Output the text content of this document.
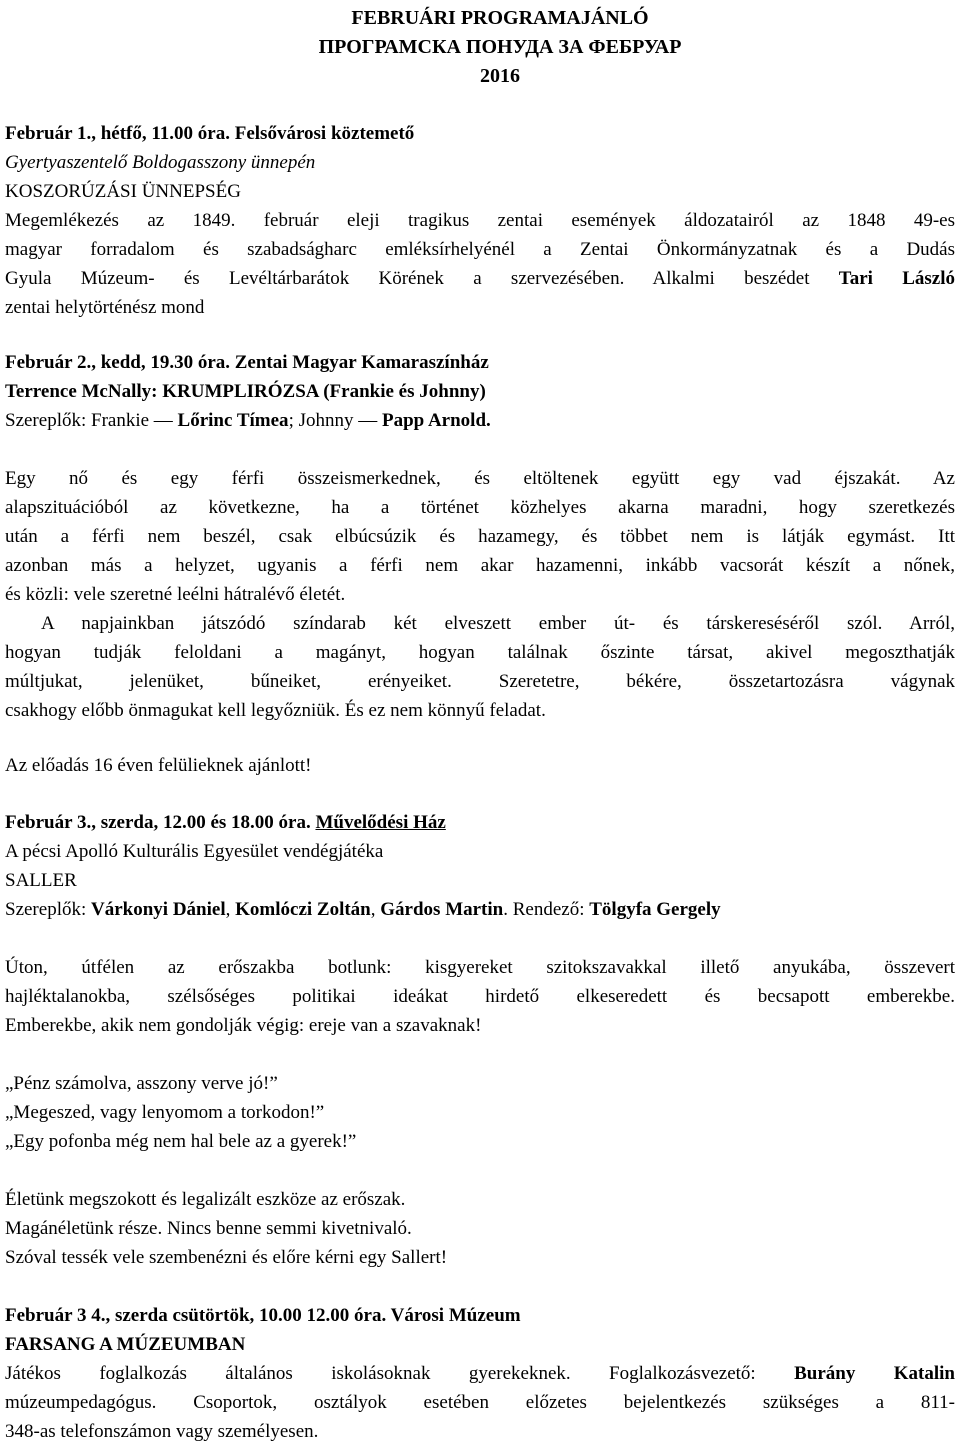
FEBRUÁRI PROGRAMAJÁNLÓ
ПРОГРАМСКА ПОНУДА ЗА ФЕБРУАР
2016
Február 1., hétfő, 11.00 óra. Felsővárosi köztemető
Gyertyaszentelő Boldogasszony ünnepén
KOSZORÚZÁSI ÜNNEPSÉG
Megemlékezés az 1849. február eleji tragikus zentai események áldozatairól az 1848 49-es
magyar forradalom és szabadságharc emléksírhelyénél a Zentai Önkormányzatnak és a Dudás
Gyula Múzeum- és Levéltárbarátok Körének a szervezésében. Alkalmi beszédet Tari László
zentai helytörténész mond
Február 2., kedd, 19.30 óra. Zentai Magyar Kamaraszínház
Terrence McNally: KRUMPLIRÓZSA (Frankie és Johnny)
Szereplők: Frankie — Lőrinc Tímea; Johnny — Papp Arnold.
Egy nő és egy férfi összeismerkednek, és eltöltenek együtt egy vad éjszakát. Az
alapszituációból az következne, ha a történet közhelyes akarna maradni, hogy szeretkezés
után a férfi nem beszél, csak elbúcsúzik és hazamegy, és többet nem is látják egymást. Itt
azonban más a helyzet, ugyanis a férfi nem akar hazamenni, inkább vacsorát készít a nőnek,
és közli: vele szeretné leélni hátralévő életét.
A napjainkban játszódó színdarab két elveszett ember út- és társkereséséről szól. Arról,
hogyan tudják feloldani a magányt, hogyan találnak őszinte társat, akivel megoszthatják
múltjukat, jelenüket, bűneiket, erényeiket. Szeretetre, békére, összetartozásra vágynak
csakhogy előbb önmagukat kell legyőzniük. És ez nem könnyű feladat.
Az előadás 16 éven felülieknek ajánlott!
Február 3., szerda, 12.00 és 18.00 óra. Művelődési Ház
A pécsi Apolló Kulturális Egyesület vendégjátéka
SALLER
Szereplők: Várkonyi Dániel, Komlóczi Zoltán, Gárdos Martin. Rendező: Tölgyfa Gergely
Úton, útfélen az erőszakba botlunk: kisgyereket szitokszavakkal illető anyukába, összevert
hajléktalanokba, szélsőséges politikai ideákat hirdető elkeseredett és becsapott emberekbe.
Emberekbe, akik nem gondolják végig: ereje van a szavaknak!
„Pénz számolva, asszony verve jó!”
„Megeszed, vagy lenyomom a torkodon!”
„Egy pofonba még nem hal bele az a gyerek!”
Életünk megszokott és legalizált eszköze az erőszak.
Magánéletünk része. Nincs benne semmi kivetnivaló.
Szóval tessék vele szembenézni és előre kérni egy Sallert!
Február 3 4., szerda csütörtök, 10.00 12.00 óra. Városi Múzeum
FARSANG A MÚZEUMBAN
Játékos foglalkozás általános iskolásoknak gyerekeknek. Foglalkozásvezető: Burány Katalin
múzeumpedagógus. Csoportok, osztályok esetében előzetes bejelentkezés szükséges a 811-
348-as telefonszámon vagy személyesen.
